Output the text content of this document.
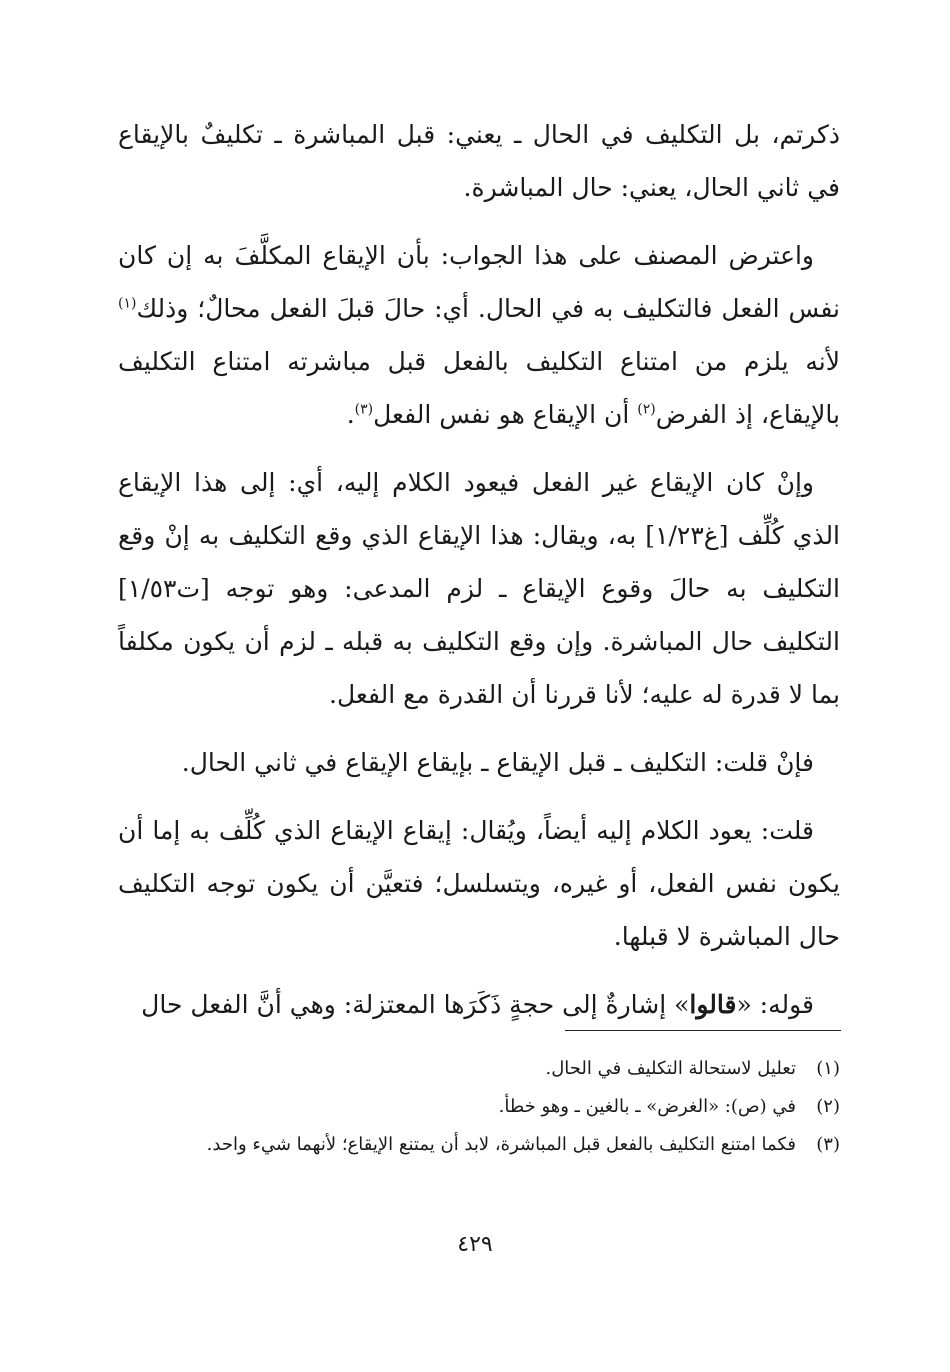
ذكرتم، بل التكليف في الحال ـ يعني: قبل المباشرة ـ تكليفٌ بالإيقاع في ثاني الحال، يعني: حال المباشرة.

واعترض المصنف على هذا الجواب: بأن الإيقاع المكلَّفَ به إن كان نفس الفعل فالتكليف به في الحال. أي: حالَ قبلَ الفعل محالٌ؛ وذلك$^{(١)}$ لأنه يلزم من امتناع التكليف بالفعل قبل مباشرته امتناع التكليف بالإيقاع، إذ الفرض$^{(٢)}$ أن الإيقاع هو نفس الفعل$^{(٣)}$.

وإنْ كان الإيقاع غير الفعل فيعود الكلام إليه، أي: إلى هذا الإيقاع الذي كُلِّف [غ١/٢٣] به، ويقال: هذا الإيقاع الذي وقع التكليف به إنْ وقع التكليف به حالَ وقوع الإيقاع ـ لزم المدعى: وهو توجه [ت١/٥٣] التكليف حال المباشرة. وإن وقع التكليف به قبله ـ لزم أن يكون مكلفاً بما لا قدرة له عليه؛ لأنا قررنا أن القدرة مع الفعل.

فإنْ قلت: التكليف ـ قبل الإيقاع ـ بإيقاع الإيقاع في ثاني الحال.

قلت: يعود الكلام إليه أيضاً، ويُقال: إيقاع الإيقاع الذي كُلِّف به إما أن يكون نفس الفعل، أو غيره، ويتسلسل؛ فتعيَّن أن يكون توجه التكليف حال المباشرة لا قبلها.

قوله: «قالوا» إشارةٌ إلى حجةٍ ذَكَرَها المعتزلة: وهي أنَّ الفعل حال

(١)
تعليل لاستحالة التكليف في الحال.
(٢)
في (ص): «الغرض» ـ بالغين ـ وهو خطأ.
(٣)
فكما امتنع التكليف بالفعل قبل المباشرة، لابد أن يمتنع الإيقاع؛ لأنهما شيء واحد.
٤٢٩
